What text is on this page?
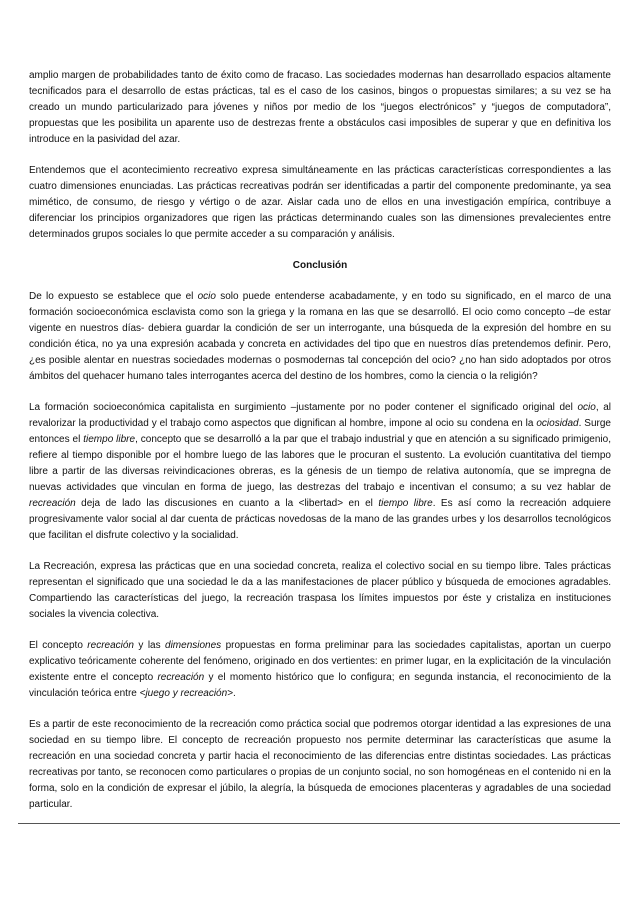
amplio margen de probabilidades tanto de éxito como de fracaso. Las sociedades modernas han desarrollado espacios altamente tecnificados para el desarrollo de estas prácticas, tal es el caso de los casinos, bingos o propuestas similares; a su vez se ha creado un mundo particularizado para jóvenes y niños por medio de los “juegos electrónicos” y “juegos de computadora”, propuestas que les posibilita un aparente uso de destrezas frente a obstáculos casi imposibles de superar y que en definitiva los introduce en la pasividad del azar.

Entendemos que el acontecimiento recreativo expresa simultáneamente en las prácticas características correspondientes a las cuatro dimensiones enunciadas. Las prácticas recreativas podrán ser identificadas a partir del componente predominante, ya sea mimético, de consumo, de riesgo y vértigo o de azar. Aislar cada uno de ellos en una investigación empírica, contribuye a diferenciar los principios organizadores que rigen las prácticas determinando cuales son las dimensiones prevalecientes entre determinados grupos sociales lo que permite acceder a su comparación y análisis.

Conclusión

De lo expuesto se establece que el ocio solo puede entenderse acabadamente, y en todo su significado, en el marco de una formación socioeconómica esclavista como son la griega y la romana en las que se desarrolló. El ocio como concepto –de estar vigente en nuestros días- debiera guardar la condición de ser un interrogante, una búsqueda de la expresión del hombre en su condición ética, no ya una expresión acabada y concreta en actividades del tipo que en nuestros días pretendemos definir. Pero, ¿es posible alentar en nuestras sociedades modernas o posmodernas tal concepción del ocio? ¿no han sido adoptados por otros ámbitos del quehacer humano tales interrogantes acerca del destino de los hombres, como la ciencia o la religión?

La formación socioeconómica capitalista en surgimiento –justamente por no poder contener el significado original del ocio, al revalorizar la productividad y el trabajo como aspectos que dignifican al hombre, impone al ocio su condena en la ociosidad. Surge entonces el tiempo libre, concepto que se desarrolló a la par que el trabajo industrial y que en atención a su significado primigenio, refiere al tiempo disponible por el hombre luego de las labores que le procuran el sustento. La evolución cuantitativa del tiempo libre a partir de las diversas reivindicaciones obreras, es la génesis de un tiempo de relativa autonomía, que se impregna de nuevas actividades que vinculan en forma de juego, las destrezas del trabajo e incentivan el consumo; a su vez hablar de recreación deja de lado las discusiones en cuanto a la <libertad> en el tiempo libre. Es así como la recreación adquiere progresivamente valor social al dar cuenta de prácticas novedosas de la mano de las grandes urbes y los desarrollos tecnológicos que facilitan el disfrute colectivo y la socialidad.

La Recreación, expresa las prácticas que en una sociedad concreta, realiza el colectivo social en su tiempo libre. Tales prácticas representan el significado que una sociedad le da a las manifestaciones de placer público y búsqueda de emociones agradables. Compartiendo las características del juego, la recreación traspasa los límites impuestos por éste y cristaliza en instituciones sociales la vivencia colectiva.

El concepto recreación y las dimensiones propuestas en forma preliminar para las sociedades capitalistas, aportan un cuerpo explicativo teóricamente coherente del fenómeno, originado en dos vertientes: en primer lugar, en la explicitación de la vinculación existente entre el concepto recreación y el momento histórico que lo configura; en segunda instancia, el reconocimiento de la vinculación teórica entre <juego y recreación>.

Es a partir de este reconocimiento de la recreación como práctica social que podremos otorgar identidad a las expresiones de una sociedad en su tiempo libre. El concepto de recreación propuesto nos permite determinar las características que asume la recreación en una sociedad concreta y partir hacia el reconocimiento de las diferencias entre distintas sociedades. Las prácticas recreativas por tanto, se reconocen como particulares o propias de un conjunto social, no son homogéneas en el contenido ni en la forma, solo en la condición de expresar el júbilo, la alegría, la búsqueda de emociones placenteras y agradables de una sociedad particular.
